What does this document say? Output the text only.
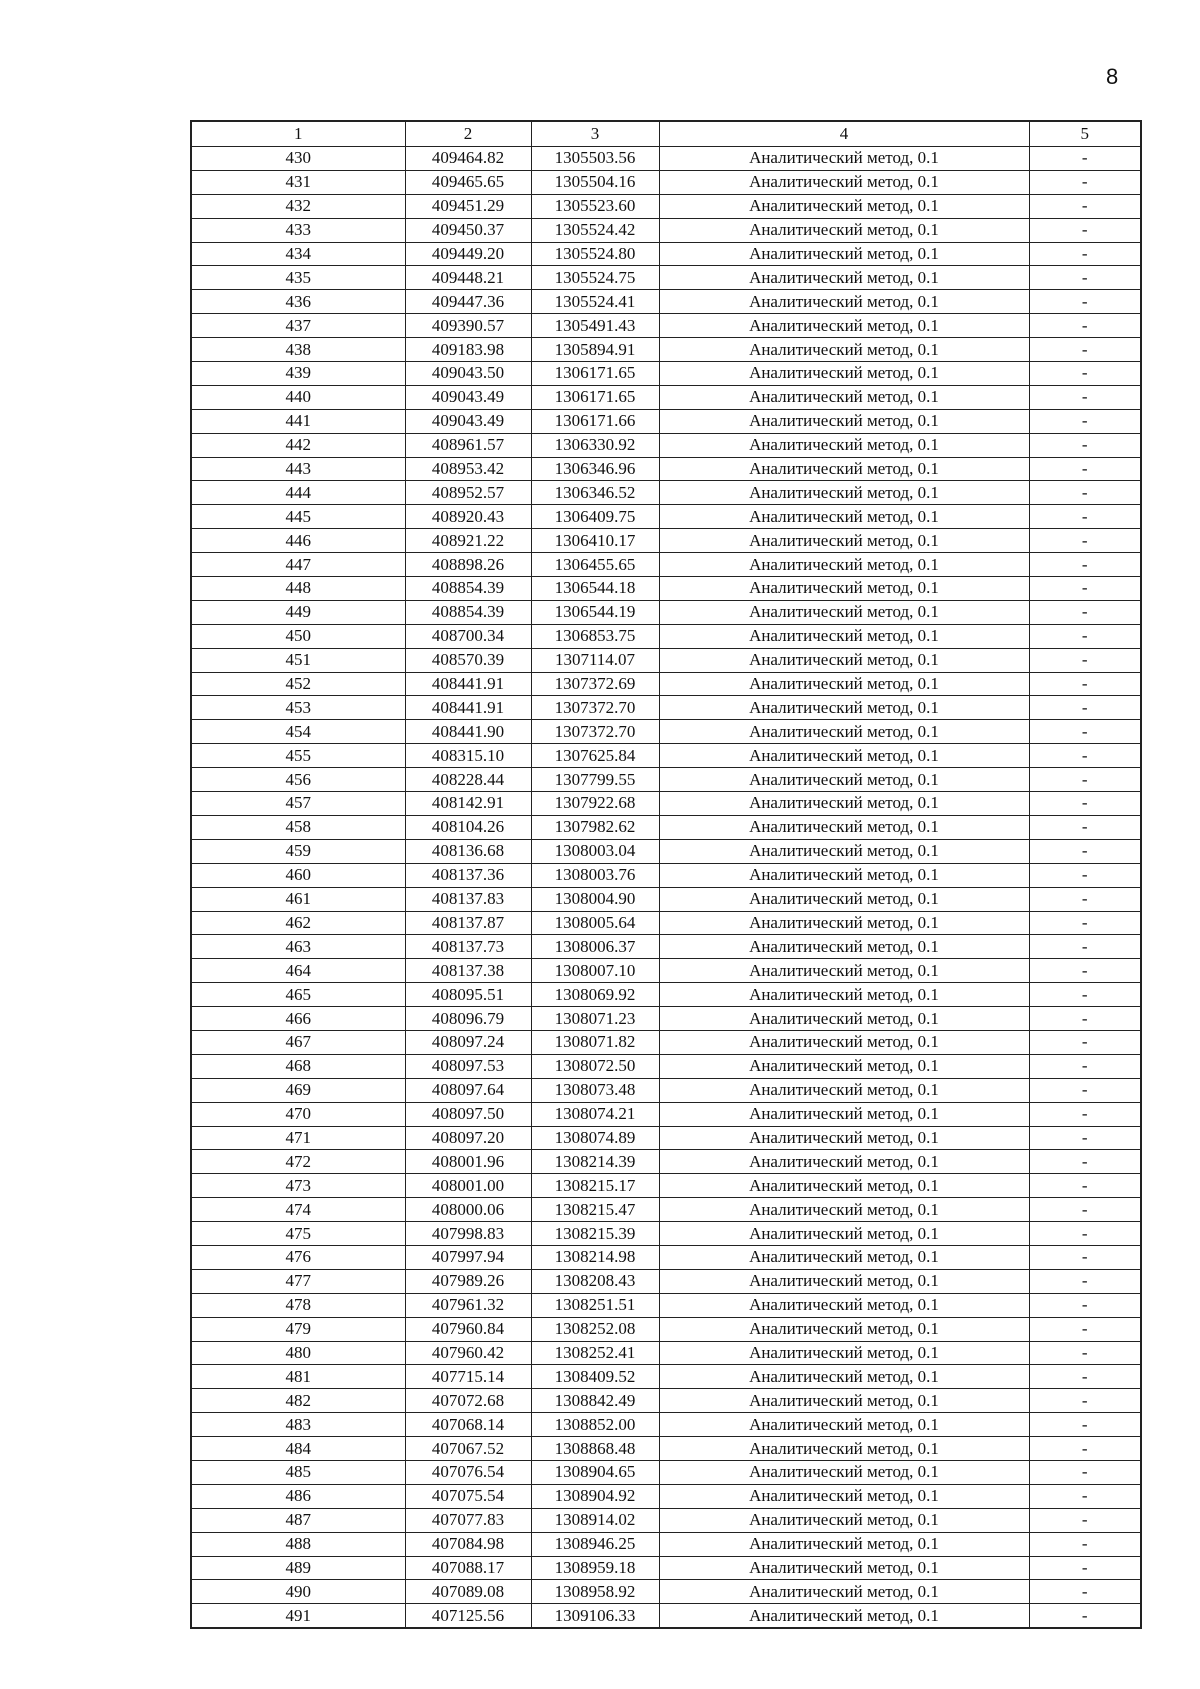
8
1	2	3	4	5
430	409464.82	1305503.56	Аналитический метод, 0.1	-
431	409465.65	1305504.16	Аналитический метод, 0.1	-
432	409451.29	1305523.60	Аналитический метод, 0.1	-
433	409450.37	1305524.42	Аналитический метод, 0.1	-
434	409449.20	1305524.80	Аналитический метод, 0.1	-
435	409448.21	1305524.75	Аналитический метод, 0.1	-
436	409447.36	1305524.41	Аналитический метод, 0.1	-
437	409390.57	1305491.43	Аналитический метод, 0.1	-
438	409183.98	1305894.91	Аналитический метод, 0.1	-
439	409043.50	1306171.65	Аналитический метод, 0.1	-
440	409043.49	1306171.65	Аналитический метод, 0.1	-
441	409043.49	1306171.66	Аналитический метод, 0.1	-
442	408961.57	1306330.92	Аналитический метод, 0.1	-
443	408953.42	1306346.96	Аналитический метод, 0.1	-
444	408952.57	1306346.52	Аналитический метод, 0.1	-
445	408920.43	1306409.75	Аналитический метод, 0.1	-
446	408921.22	1306410.17	Аналитический метод, 0.1	-
447	408898.26	1306455.65	Аналитический метод, 0.1	-
448	408854.39	1306544.18	Аналитический метод, 0.1	-
449	408854.39	1306544.19	Аналитический метод, 0.1	-
450	408700.34	1306853.75	Аналитический метод, 0.1	-
451	408570.39	1307114.07	Аналитический метод, 0.1	-
452	408441.91	1307372.69	Аналитический метод, 0.1	-
453	408441.91	1307372.70	Аналитический метод, 0.1	-
454	408441.90	1307372.70	Аналитический метод, 0.1	-
455	408315.10	1307625.84	Аналитический метод, 0.1	-
456	408228.44	1307799.55	Аналитический метод, 0.1	-
457	408142.91	1307922.68	Аналитический метод, 0.1	-
458	408104.26	1307982.62	Аналитический метод, 0.1	-
459	408136.68	1308003.04	Аналитический метод, 0.1	-
460	408137.36	1308003.76	Аналитический метод, 0.1	-
461	408137.83	1308004.90	Аналитический метод, 0.1	-
462	408137.87	1308005.64	Аналитический метод, 0.1	-
463	408137.73	1308006.37	Аналитический метод, 0.1	-
464	408137.38	1308007.10	Аналитический метод, 0.1	-
465	408095.51	1308069.92	Аналитический метод, 0.1	-
466	408096.79	1308071.23	Аналитический метод, 0.1	-
467	408097.24	1308071.82	Аналитический метод, 0.1	-
468	408097.53	1308072.50	Аналитический метод, 0.1	-
469	408097.64	1308073.48	Аналитический метод, 0.1	-
470	408097.50	1308074.21	Аналитический метод, 0.1	-
471	408097.20	1308074.89	Аналитический метод, 0.1	-
472	408001.96	1308214.39	Аналитический метод, 0.1	-
473	408001.00	1308215.17	Аналитический метод, 0.1	-
474	408000.06	1308215.47	Аналитический метод, 0.1	-
475	407998.83	1308215.39	Аналитический метод, 0.1	-
476	407997.94	1308214.98	Аналитический метод, 0.1	-
477	407989.26	1308208.43	Аналитический метод, 0.1	-
478	407961.32	1308251.51	Аналитический метод, 0.1	-
479	407960.84	1308252.08	Аналитический метод, 0.1	-
480	407960.42	1308252.41	Аналитический метод, 0.1	-
481	407715.14	1308409.52	Аналитический метод, 0.1	-
482	407072.68	1308842.49	Аналитический метод, 0.1	-
483	407068.14	1308852.00	Аналитический метод, 0.1	-
484	407067.52	1308868.48	Аналитический метод, 0.1	-
485	407076.54	1308904.65	Аналитический метод, 0.1	-
486	407075.54	1308904.92	Аналитический метод, 0.1	-
487	407077.83	1308914.02	Аналитический метод, 0.1	-
488	407084.98	1308946.25	Аналитический метод, 0.1	-
489	407088.17	1308959.18	Аналитический метод, 0.1	-
490	407089.08	1308958.92	Аналитический метод, 0.1	-
491	407125.56	1309106.33	Аналитический метод, 0.1	-
